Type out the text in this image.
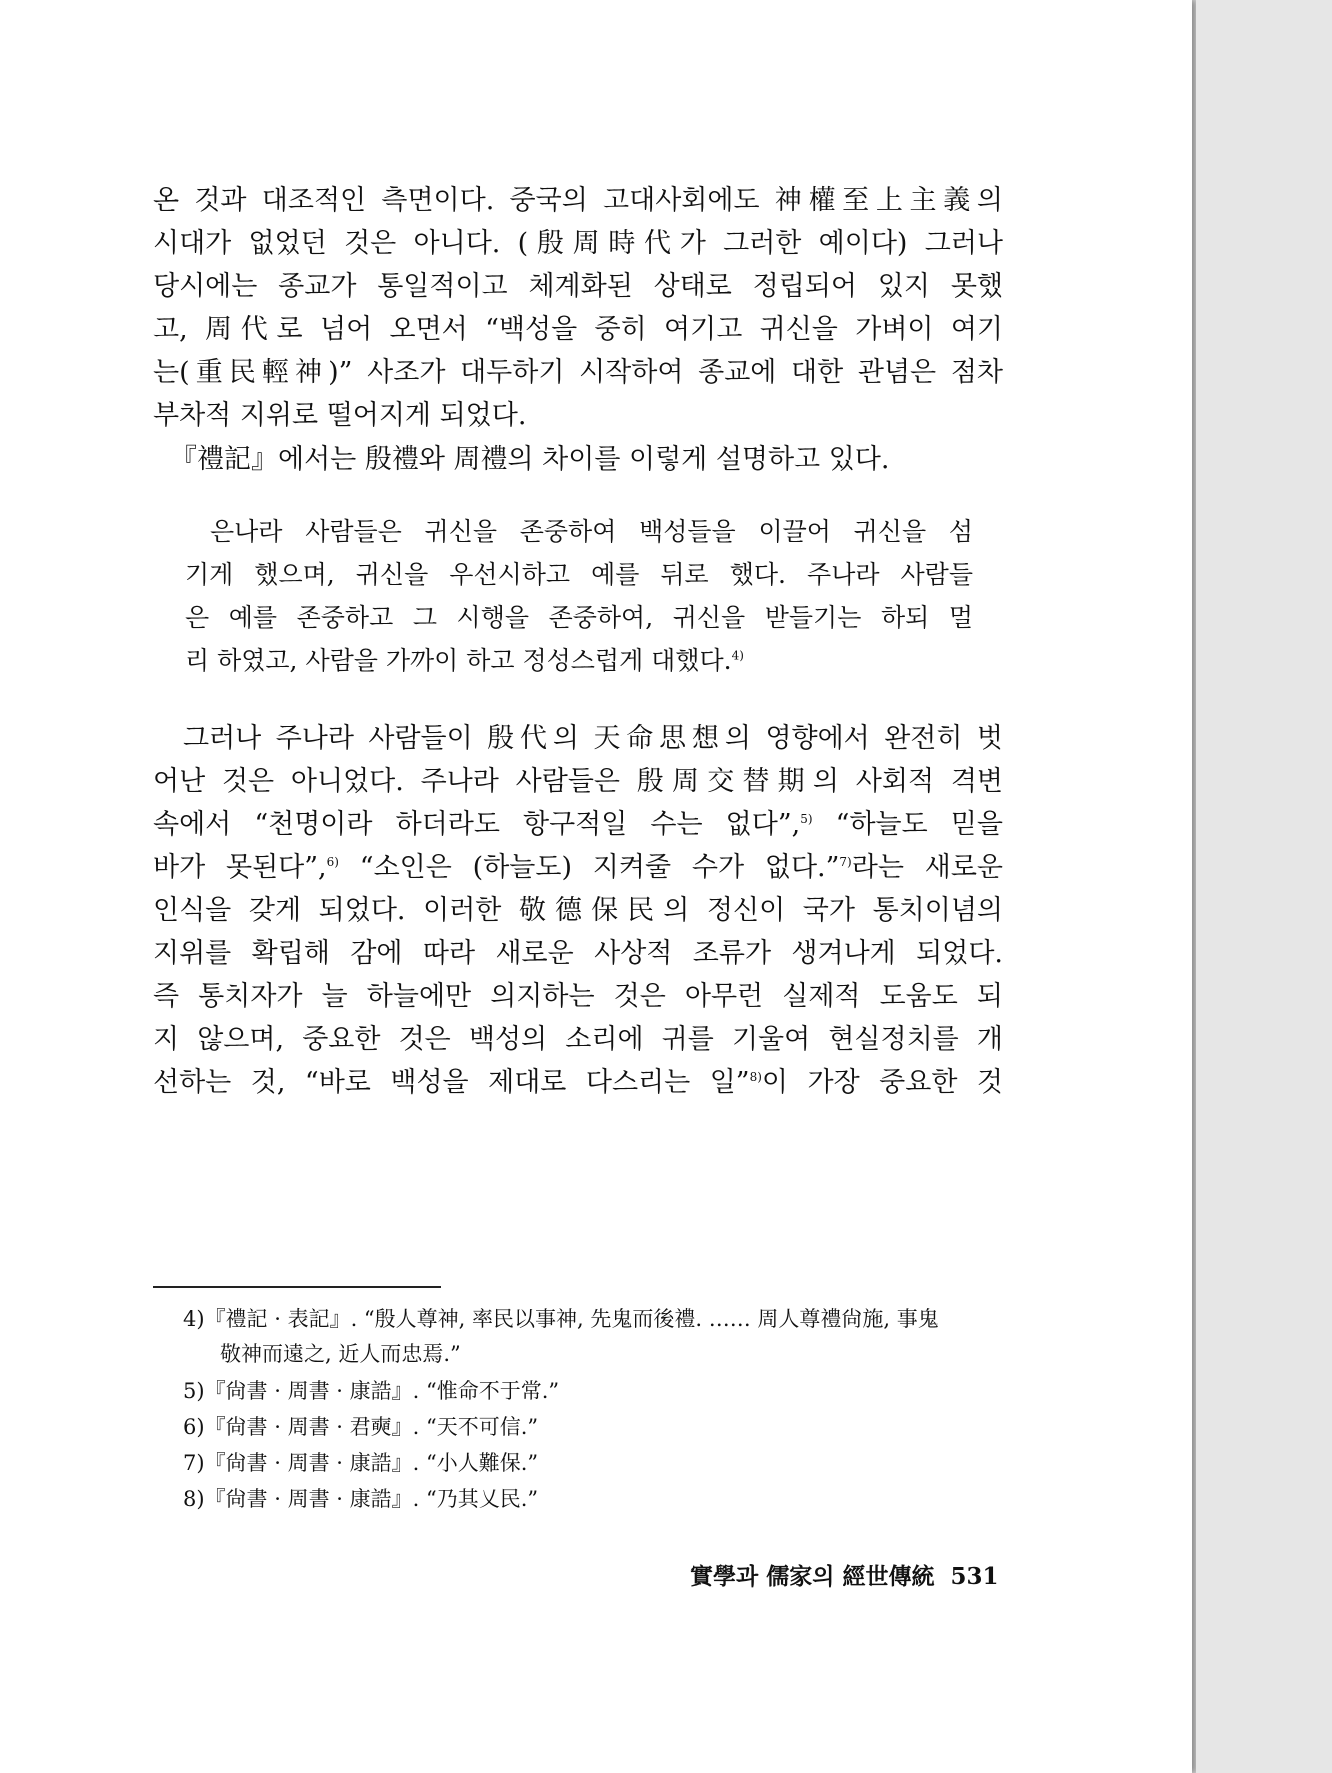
온 것과 대조적인 측면이다. 중국의 고대사회에도 神權至上主義의
시대가 없었던 것은 아니다. (殷周時代가 그러한 예이다) 그러나
당시에는 종교가 통일적이고 체계화된 상태로 정립되어 있지 못했
고, 周代로 넘어 오면서 “백성을 중히 여기고 귀신을 가벼이 여기
는(重民輕神)” 사조가 대두하기 시작하여 종교에 대한 관념은 점차
부차적 지위로 떨어지게 되었다.
『禮記』에서는 殷禮와 周禮의 차이를 이렇게 설명하고 있다.
은나라 사람들은 귀신을 존중하여 백성들을 이끌어 귀신을 섬
기게 했으며, 귀신을 우선시하고 예를 뒤로 했다. 주나라 사람들
은 예를 존중하고 그 시행을 존중하여, 귀신을 받들기는 하되 멀
리 하였고, 사람을 가까이 하고 정성스럽게 대했다.$^{4)}$
그러나 주나라 사람들이 殷代의 天命思想의 영향에서 완전히 벗
어난 것은 아니었다. 주나라 사람들은 殷周交替期의 사회적 격변
속에서 “천명이라 하더라도 항구적일 수는 없다”,$^{5)}$ “하늘도 믿을
바가 못된다”,$^{6)}$ “소인은 (하늘도) 지켜줄 수가 없다.”$^{7)}$라는 새로운
인식을 갖게 되었다. 이러한 敬德保民의 정신이 국가 통치이념의
지위를 확립해 감에 따라 새로운 사상적 조류가 생겨나게 되었다.
즉 통치자가 늘 하늘에만 의지하는 것은 아무런 실제적 도움도 되
지 않으며, 중요한 것은 백성의 소리에 귀를 기울여 현실정치를 개
선하는 것, “바로 백성을 제대로 다스리는 일”$^{8)}$이 가장 중요한 것
4)『禮記 · 表記』. “殷人尊神, 率民以事神, 先鬼而後禮. …… 周人尊禮尙施, 事鬼
敬神而遠之, 近人而忠焉.”
5)『尙書 · 周書 · 康誥』. “惟命不于常.”
6)『尙書 · 周書 · 君奭』. “天不可信.”
7)『尙書 · 周書 · 康誥』. “小人難保.”
8)『尙書 · 周書 · 康誥』. “乃其乂民.”
實學과 儒家의 經世傳統 531
